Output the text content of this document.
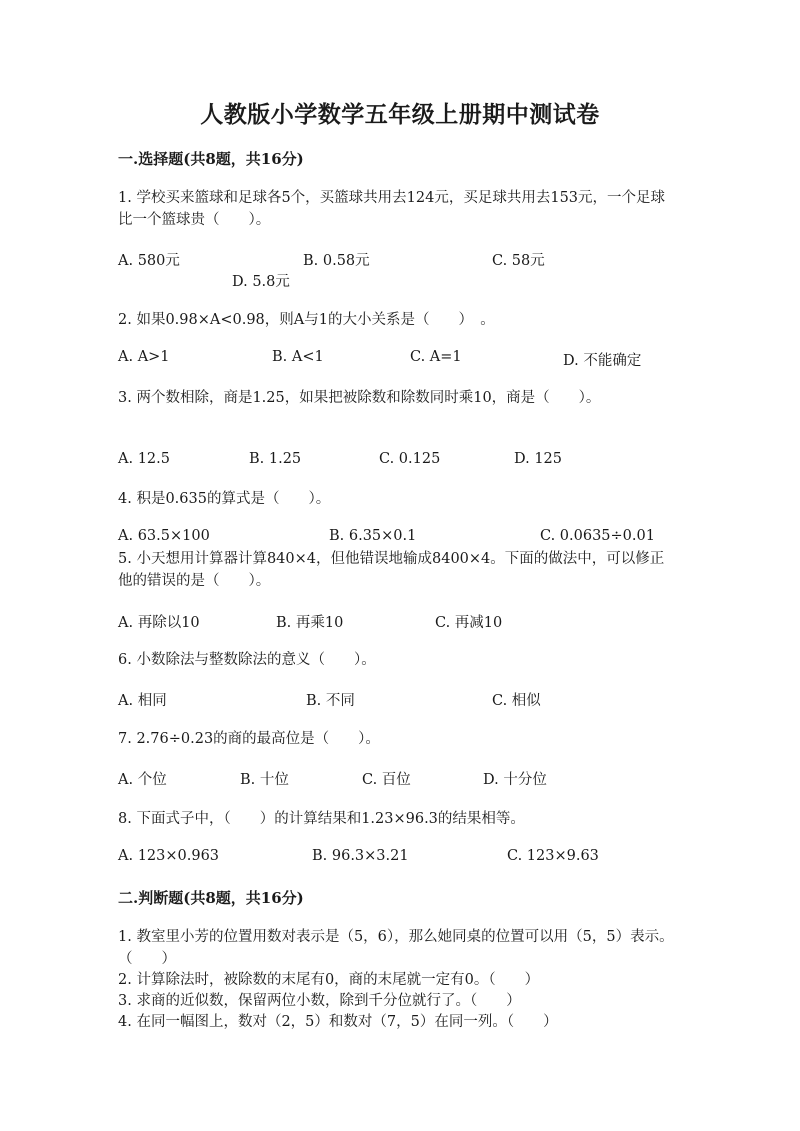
人教版小学数学五年级上册期中测试卷
一.选择题(共8题，共16分)
1. 学校买来篮球和足球各5个，买篮球共用去124元，买足球共用去153元，一个足球比一个篮球贵（　　）。
A. 580元	B. 0.58元	C. 58元
D. 5.8元
2. 如果0.98×A<0.98，则A与1的大小关系是（　　）　。
A. A>1	B. A<1	C. A=1	D. 不能确定
3. 两个数相除，商是1.25，如果把被除数和除数同时乘10，商是（　　）。
A. 12.5	B. 1.25	C. 0.125	D. 125
4. 积是0.635的算式是（　　）。
A. 63.5×100	B. 6.35×0.1	C. 0.0635÷0.01
5. 小天想用计算器计算840×4，但他错误地输成8400×4。下面的做法中，可以修正他的错误的是（　　）。
A. 再除以10	B. 再乘10	C. 再减10
6. 小数除法与整数除法的意义（　　）。
A. 相同	B. 不同	C. 相似
7. 2.76÷0.23的商的最高位是（　　）。
A. 个位	B. 十位	C. 百位	D. 十分位
8. 下面式子中，（　　）的计算结果和1.23×96.3的结果相等。
A. 123×0.963	B. 96.3×3.21	C. 123×9.63
二.判断题(共8题，共16分)
1. 教室里小芳的位置用数对表示是（5，6），那么她同桌的位置可以用（5，5）表示。（　　）
2. 计算除法时，被除数的末尾有0，商的末尾就一定有0。（　　）
3. 求商的近似数，保留两位小数，除到千分位就行了。（　　）
4. 在同一幅图上，数对（2，5）和数对（7，5）在同一列。（　　）
